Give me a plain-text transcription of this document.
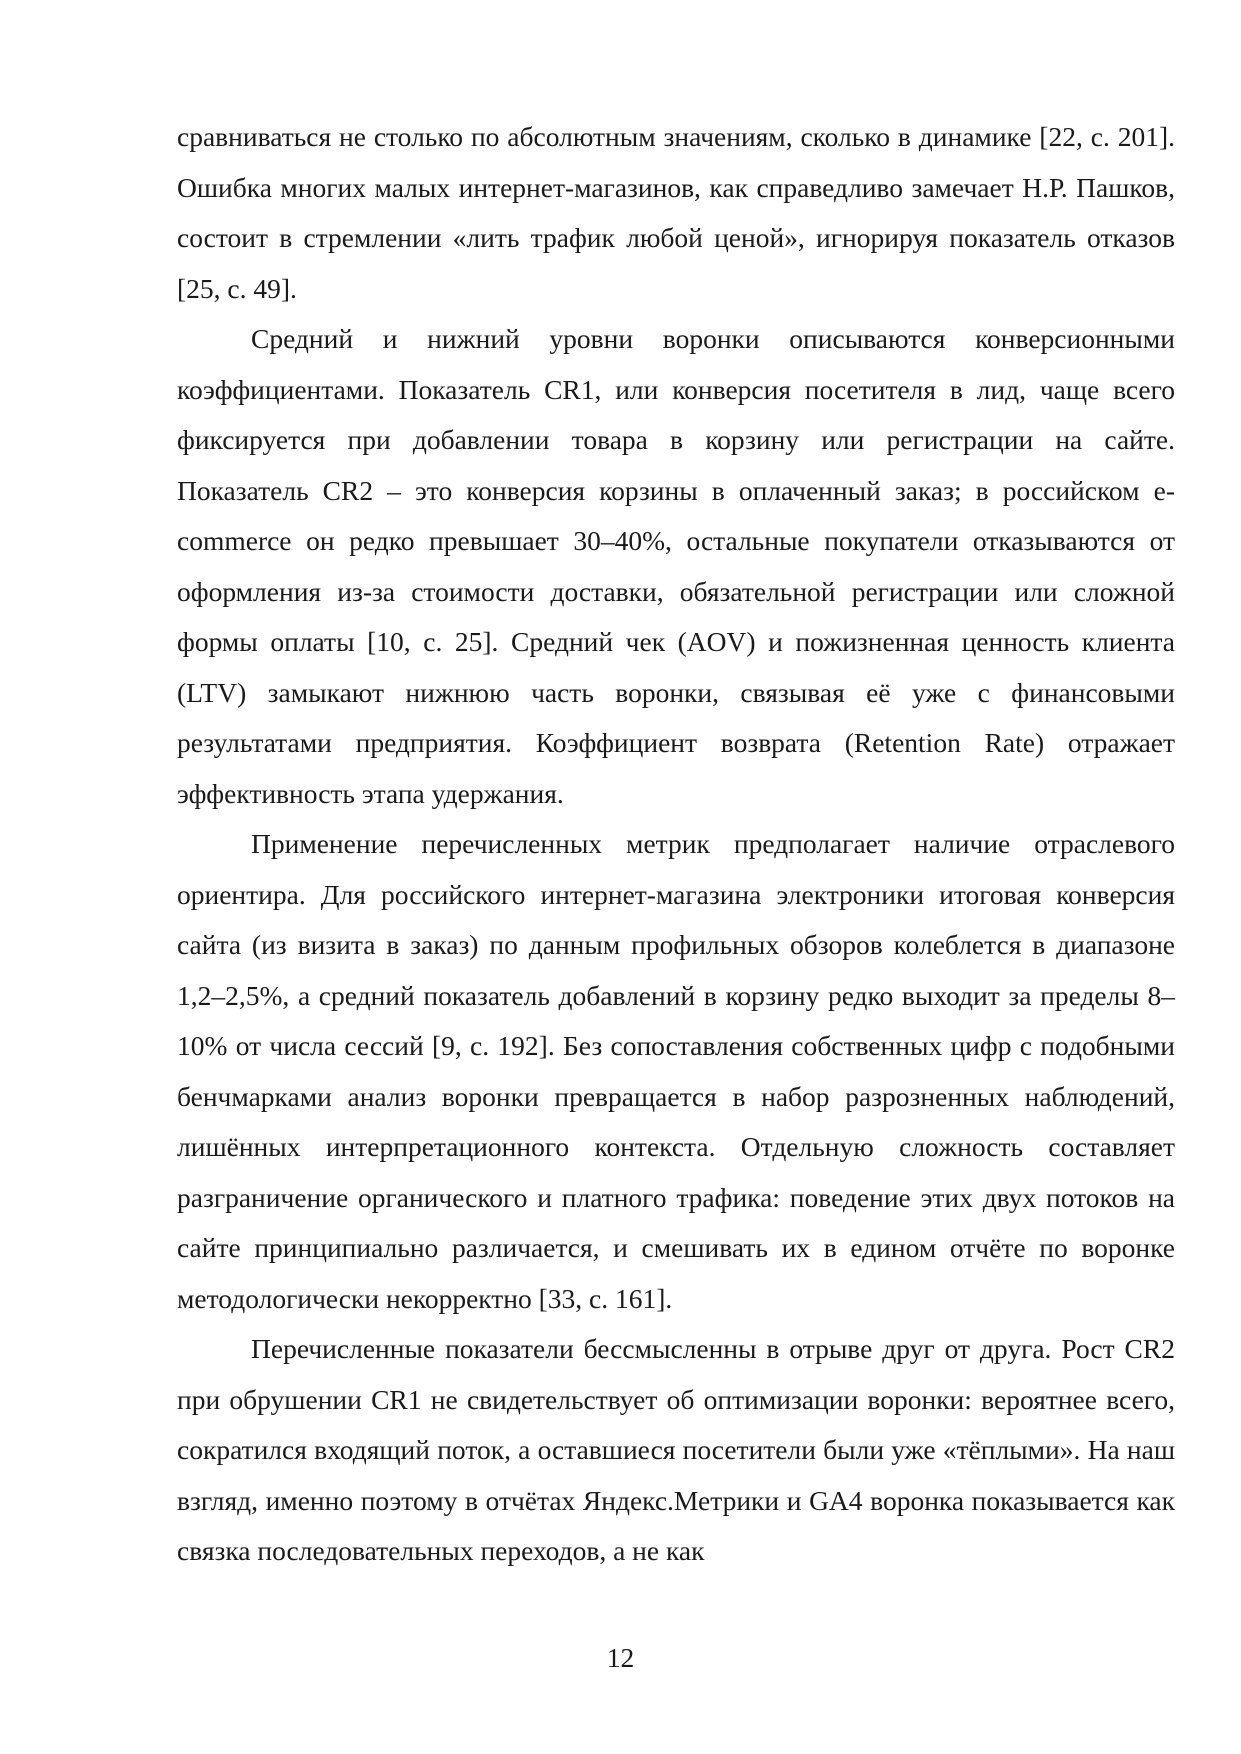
сравниваться не столько по абсолютным значениям, сколько в динамике [22, с. 201]. Ошибка многих малых интернет-магазинов, как справедливо замечает Н.Р. Пашков, состоит в стремлении «лить трафик любой ценой», игнорируя показатель отказов [25, с. 49].

Средний и нижний уровни воронки описываются конверсионными коэффициентами. Показатель CR1, или конверсия посетителя в лид, чаще всего фиксируется при добавлении товара в корзину или регистрации на сайте. Показатель CR2 – это конверсия корзины в оплаченный заказ; в российском e-commerce он редко превышает 30–40%, остальные покупатели отказываются от оформления из-за стоимости доставки, обязательной регистрации или сложной формы оплаты [10, с. 25]. Средний чек (AOV) и пожизненная ценность клиента (LTV) замыкают нижнюю часть воронки, связывая её уже с финансовыми результатами предприятия. Коэффициент возврата (Retention Rate) отражает эффективность этапа удержания.

Применение перечисленных метрик предполагает наличие отраслевого ориентира. Для российского интернет-магазина электроники итоговая конверсия сайта (из визита в заказ) по данным профильных обзоров колеблется в диапазоне 1,2–2,5%, а средний показатель добавлений в корзину редко выходит за пределы 8–10% от числа сессий [9, с. 192]. Без сопоставления собственных цифр с подобными бенчмарками анализ воронки превращается в набор разрозненных наблюдений, лишённых интерпретационного контекста. Отдельную сложность составляет разграничение органического и платного трафика: поведение этих двух потоков на сайте принципиально различается, и смешивать их в едином отчёте по воронке методологически некорректно [33, с. 161].

Перечисленные показатели бессмысленны в отрыве друг от друга. Рост CR2 при обрушении CR1 не свидетельствует об оптимизации воронки: вероятнее всего, сократился входящий поток, а оставшиеся посетители были уже «тёплыми». На наш взгляд, именно поэтому в отчётах Яндекс.Метрики и GA4 воронка показывается как связка последовательных переходов, а не как

12
